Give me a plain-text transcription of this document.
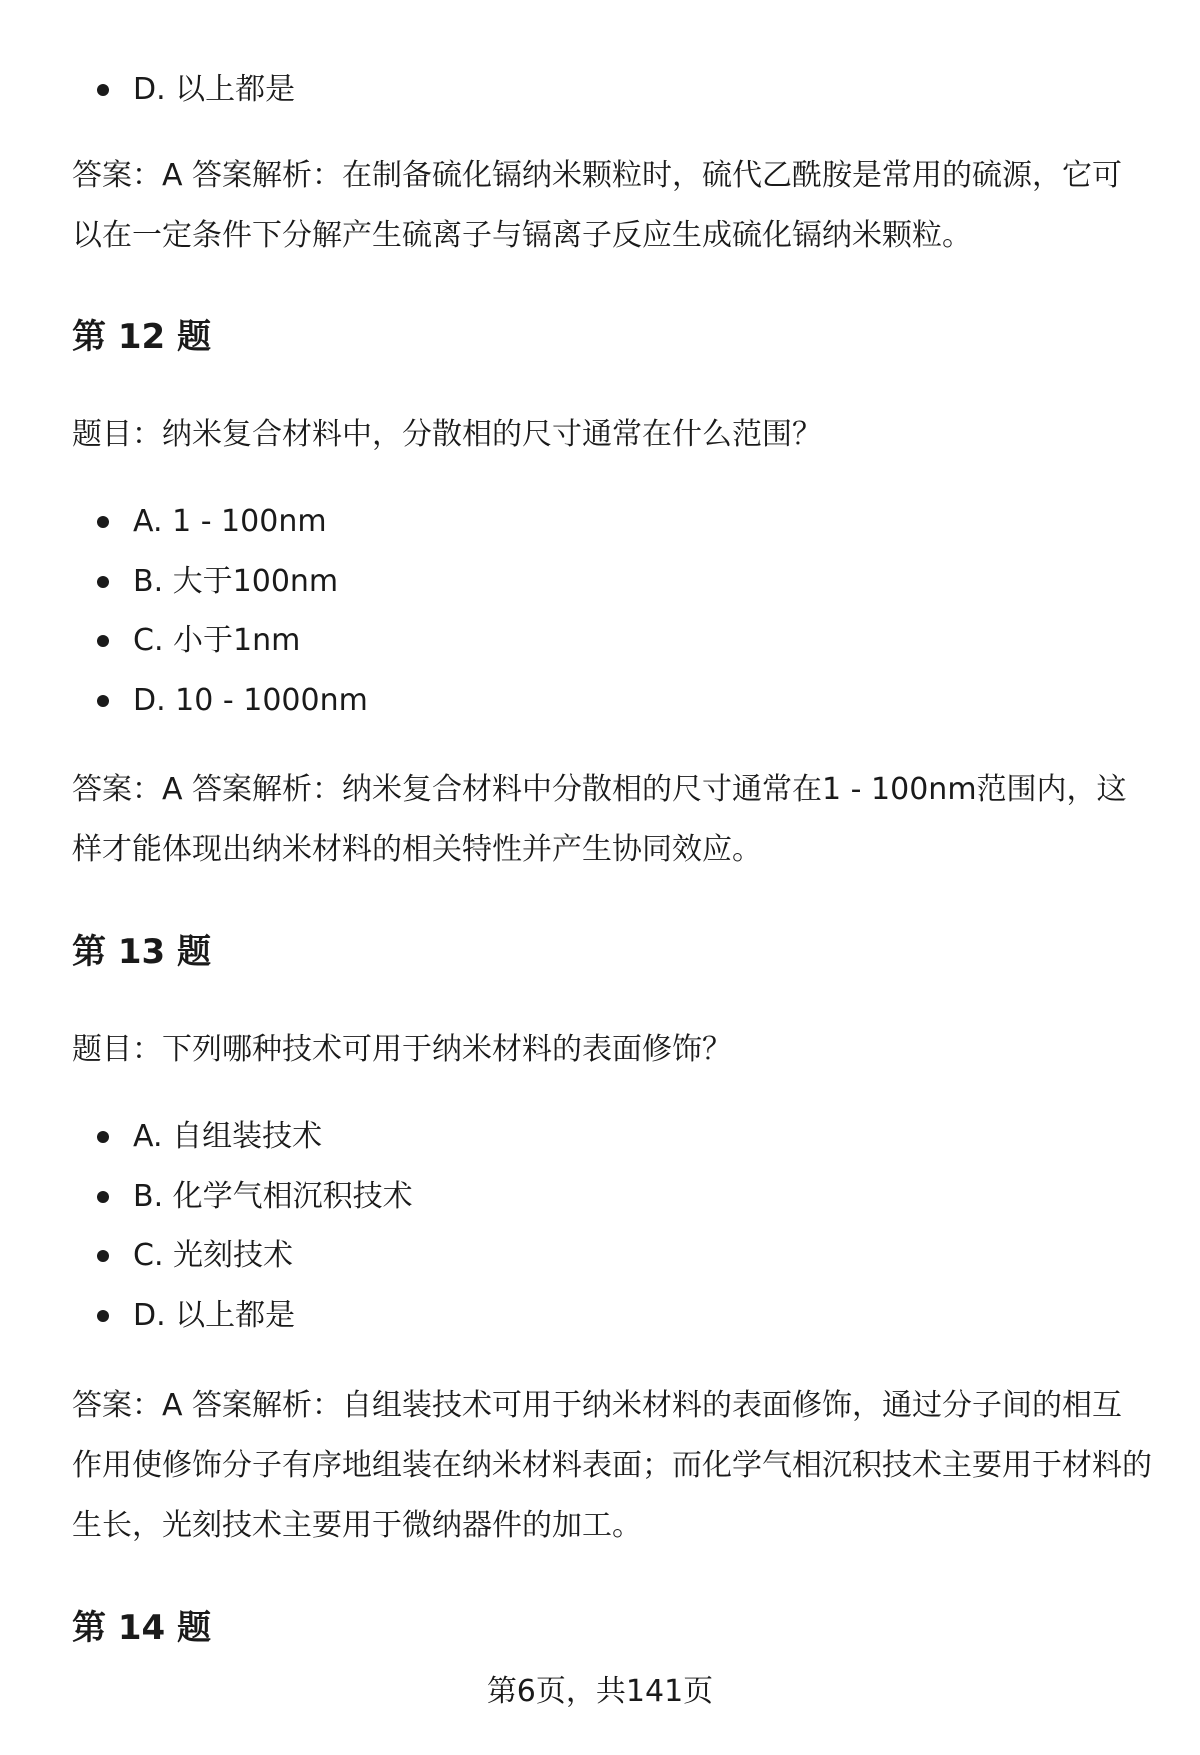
D. 以上都是

答案：A 答案解析：在制备硫化镉纳米颗粒时，硫代乙酰胺是常用的硫源，它可以在一定条件下分解产生硫离子与镉离子反应生成硫化镉纳米颗粒。

第 12 题
题目：纳米复合材料中，分散相的尺寸通常在什么范围？
A. 1 - 100nm
B. 大于100nm
C. 小于1nm
D. 10 - 1000nm

答案：A 答案解析：纳米复合材料中分散相的尺寸通常在1 - 100nm范围内，这样才能体现出纳米材料的相关特性并产生协同效应。

第 13 题
题目：下列哪种技术可用于纳米材料的表面修饰？
A. 自组装技术
B. 化学气相沉积技术
C. 光刻技术
D. 以上都是

答案：A 答案解析：自组装技术可用于纳米材料的表面修饰，通过分子间的相互作用使修饰分子有序地组装在纳米材料表面；而化学气相沉积技术主要用于材料的生长，光刻技术主要用于微纳器件的加工。

第 14 题
第6页，共141页
